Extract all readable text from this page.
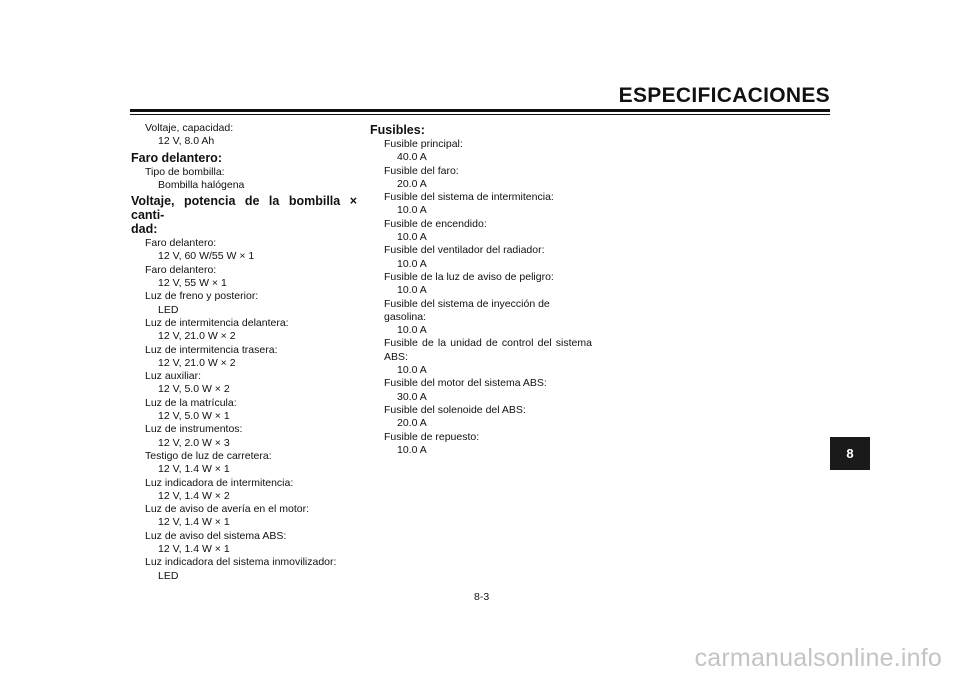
ESPECIFICACIONES
Voltaje, capacidad:
12 V, 8.0 Ah
Faro delantero:
Tipo de bombilla:
Bombilla halógena
Voltaje, potencia de la bombilla × canti-
dad:
Faro delantero:
12 V, 60 W/55 W × 1
Faro delantero:
12 V, 55 W × 1
Luz de freno y posterior:
LED
Luz de intermitencia delantera:
12 V, 21.0 W × 2
Luz de intermitencia trasera:
12 V, 21.0 W × 2
Luz auxiliar:
12 V, 5.0 W × 2
Luz de la matrícula:
12 V, 5.0 W × 1
Luz de instrumentos:
12 V, 2.0 W × 3
Testigo de luz de carretera:
12 V, 1.4 W × 1
Luz indicadora de intermitencia:
12 V, 1.4 W × 2
Luz de aviso de avería en el motor:
12 V, 1.4 W × 1
Luz de aviso del sistema ABS:
12 V, 1.4 W × 1
Luz indicadora del sistema inmovilizador:
LED
Fusibles:
Fusible principal:
40.0 A
Fusible del faro:
20.0 A
Fusible del sistema de intermitencia:
10.0 A
Fusible de encendido:
10.0 A
Fusible del ventilador del radiador:
10.0 A
Fusible de la luz de aviso de peligro:
10.0 A
Fusible del sistema de inyección de gasolina:
10.0 A
Fusible de la unidad de control del sistema
ABS:
10.0 A
Fusible del motor del sistema ABS:
30.0 A
Fusible del solenoide del ABS:
20.0 A
Fusible de repuesto:
10.0 A	8
8-3
carmanualsonline.info
